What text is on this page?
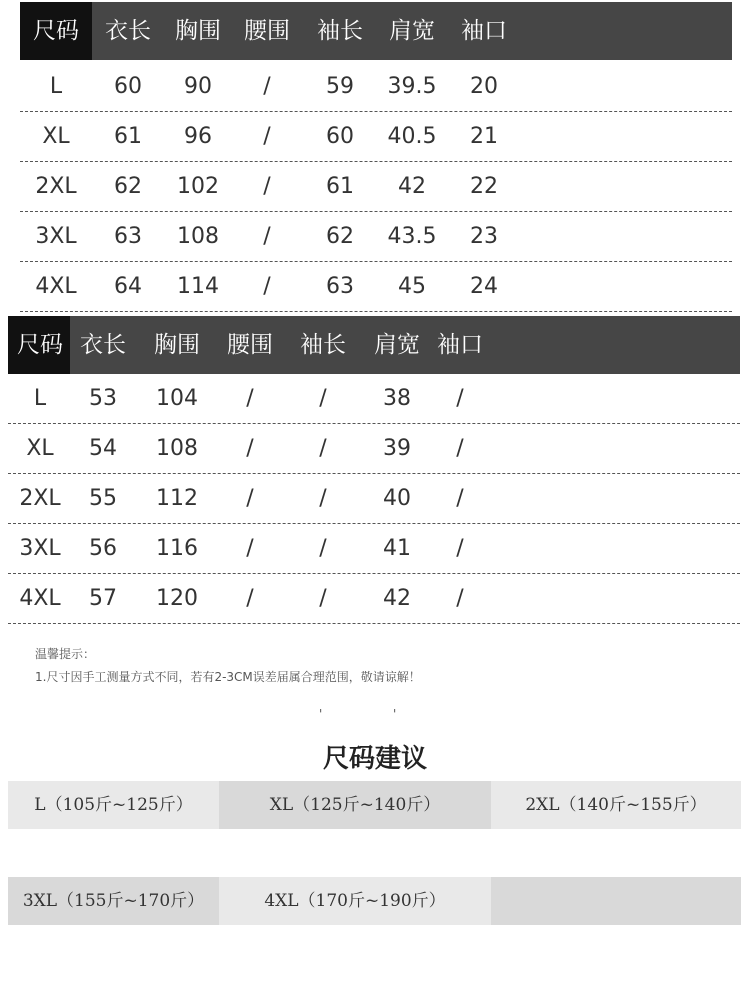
尺码 衣长 胸围 腰围 袖长 肩宽 袖口
L 60 90 /	59 39.5 20
XL 61 96 /	60 40.5 21
2XL 62 102 /	61 42 22
3XL 63 108 /	62 43.5 23
4XL 64 114 /	63 45 24
尺码 衣长 胸围 腰围 袖长 肩宽 袖口
L 53 104 /	/	38 /
XL 54 108 /	/	39 /
2XL 55 112 /	/	40 /
3XL 56 116 /	/	41 /
4XL 57 120 /	/	42 /
温馨提示：
1.尺寸因手工测量方式不同，若有2-3CM误差届属合理范围，敬请谅解！
'	'
尺码建议
L（105斤~125斤）	XL（125斤~140斤）	2XL（140斤~155斤）
3XL（155斤~170斤）	4XL（170斤~190斤）
